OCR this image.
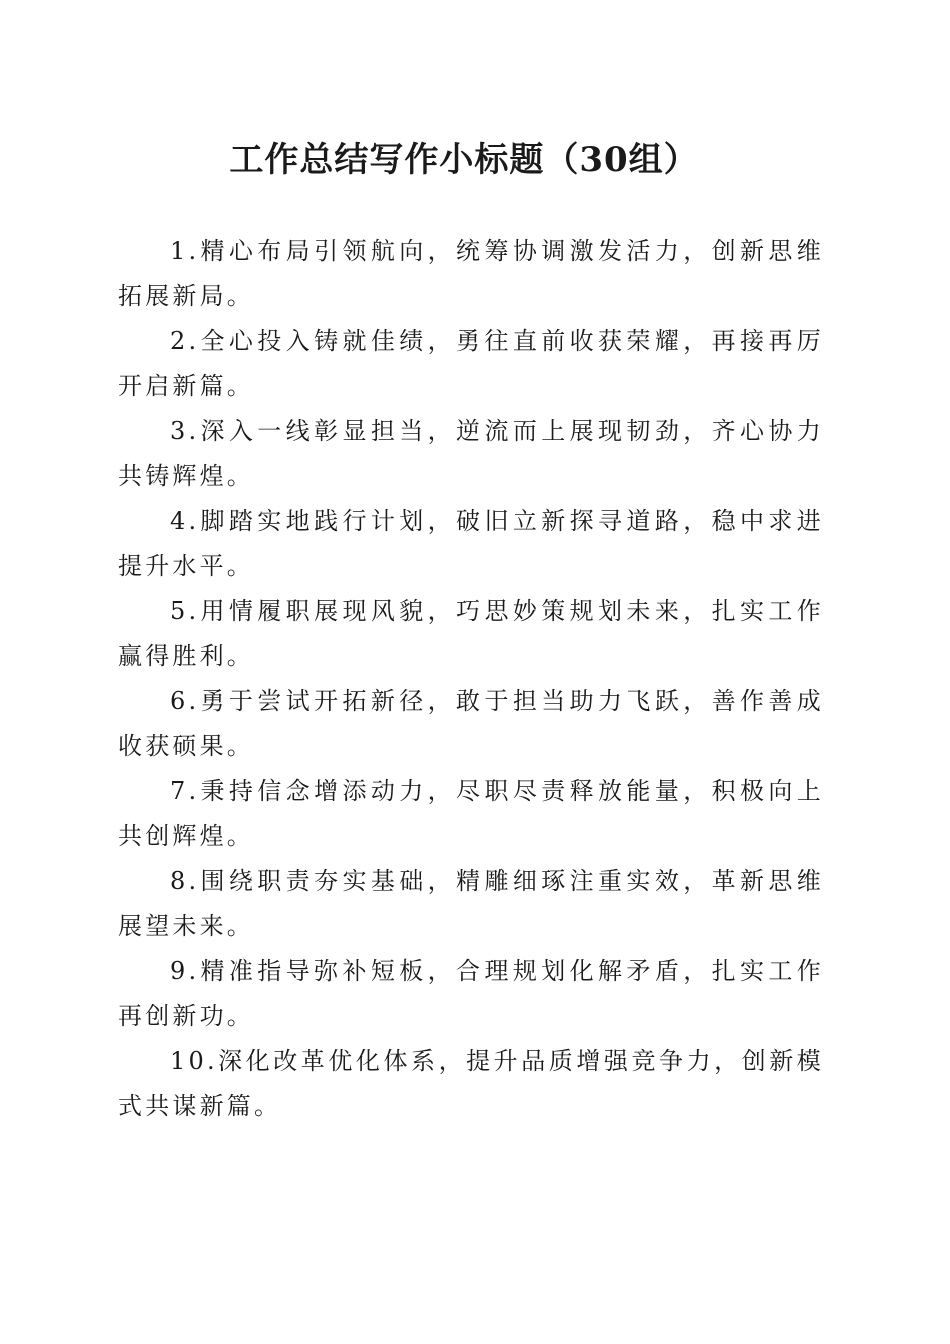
工作总结写作小标题（30组）

1.精心布局引领航向，统筹协调激发活力，创新思维拓展新局。

2.全心投入铸就佳绩，勇往直前收获荣耀，再接再厉开启新篇。

3.深入一线彰显担当，逆流而上展现韧劲，齐心协力共铸辉煌。

4.脚踏实地践行计划，破旧立新探寻道路，稳中求进提升水平。

5.用情履职展现风貌，巧思妙策规划未来，扎实工作赢得胜利。

6.勇于尝试开拓新径，敢于担当助力飞跃，善作善成收获硕果。

7.秉持信念增添动力，尽职尽责释放能量，积极向上共创辉煌。

8.围绕职责夯实基础，精雕细琢注重实效，革新思维展望未来。

9.精准指导弥补短板，合理规划化解矛盾，扎实工作再创新功。

10.深化改革优化体系，提升品质增强竞争力，创新模式共谋新篇。
